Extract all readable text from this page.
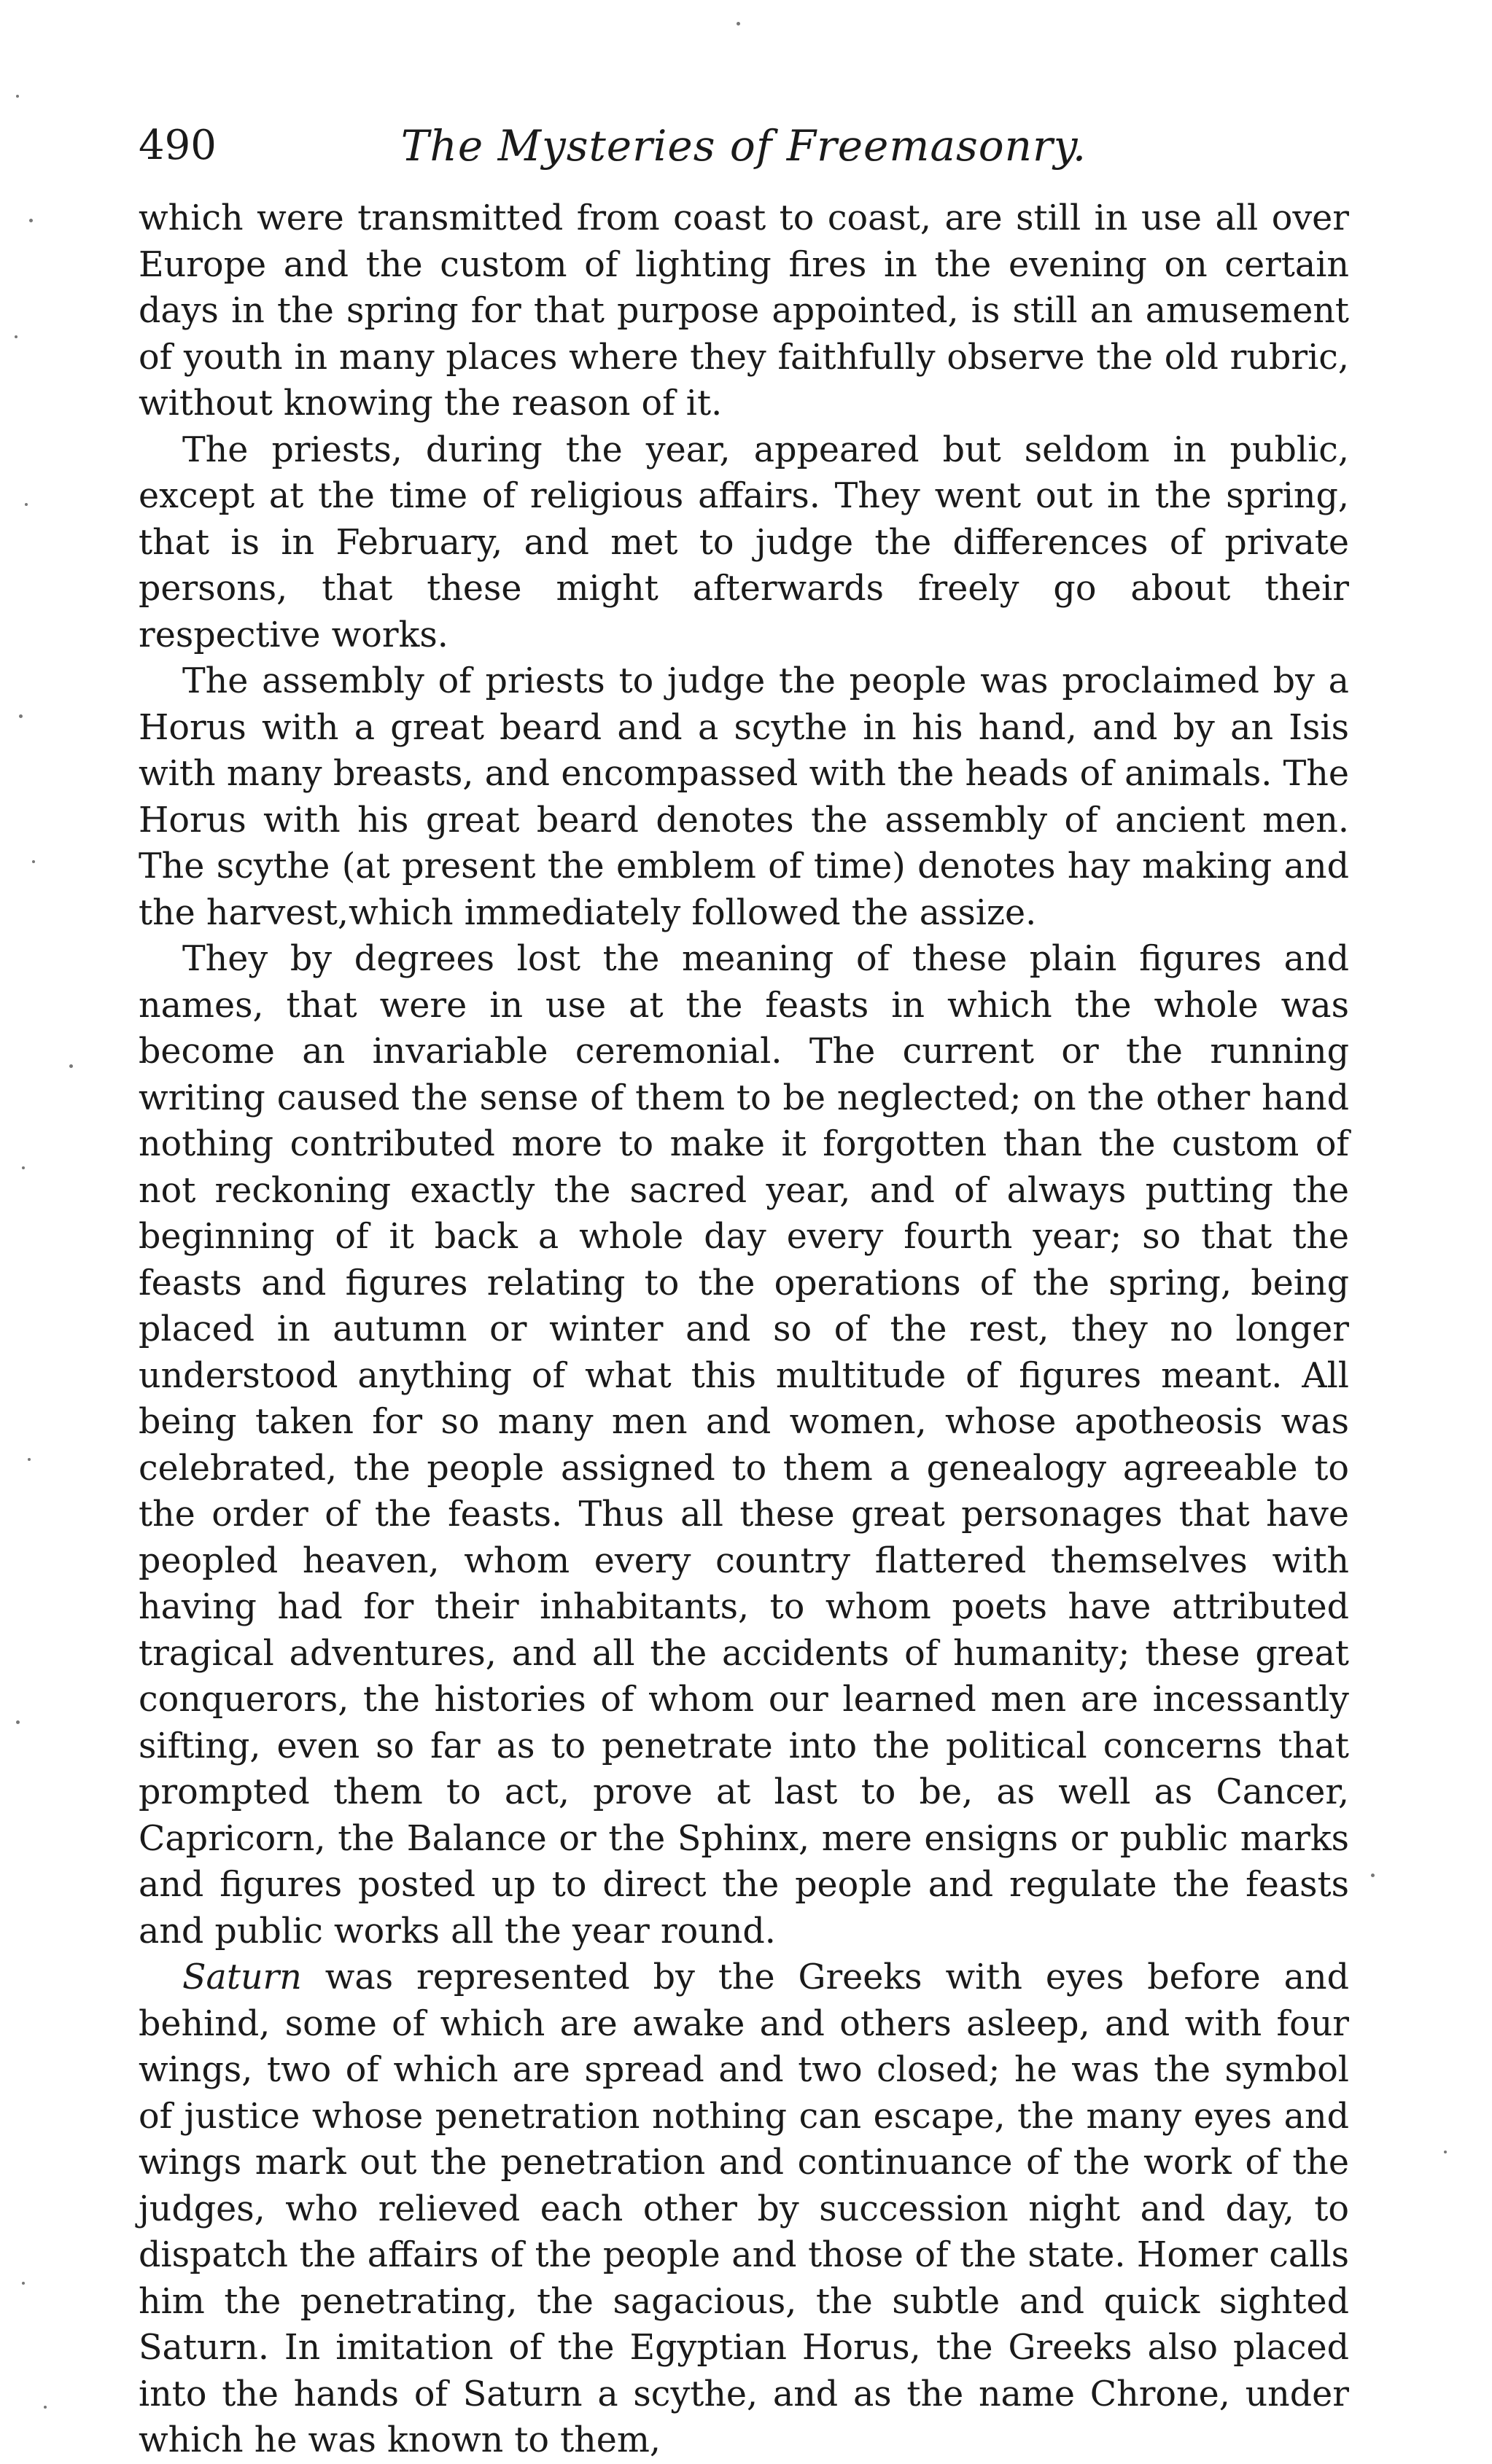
490	The Mysteries of Freemasonry.

which were transmitted from coast to coast, are still in use all over Europe and the custom of lighting fires in the evening on certain days in the spring for that purpose appointed, is still an amusement of youth in many places where they faithfully observe the old rubric, without knowing the reason of it.

The priests, during the year, appeared but seldom in public, except at the time of religious affairs. They went out in the spring, that is in February, and met to judge the differences of private persons, that these might afterwards freely go about their respective works.

The assembly of priests to judge the people was proclaimed by a Horus with a great beard and a scythe in his hand, and by an Isis with many breasts, and encompassed with the heads of animals. The Horus with his great beard denotes the assembly of ancient men. The scythe (at present the emblem of time) denotes hay making and the harvest,which immediately followed the assize.

They by degrees lost the meaning of these plain figures and names, that were in use at the feasts in which the whole was become an invariable ceremonial. The current or the running writing caused the sense of them to be neglected; on the other hand nothing contributed more to make it forgotten than the custom of not reckoning exactly the sacred year, and of always putting the beginning of it back a whole day every fourth year; so that the feasts and figures relating to the operations of the spring, being placed in autumn or winter and so of the rest, they no longer understood anything of what this multitude of figures meant. All being taken for so many men and women, whose apotheosis was celebrated, the people assigned to them a genealogy agreeable to the order of the feasts. Thus all these great personages that have peopled heaven, whom every country flattered themselves with having had for their inhabitants, to whom poets have attributed tragical adventures, and all the accidents of humanity; these great conquerors, the histories of whom our learned men are incessantly sifting, even so far as to penetrate into the political concerns that prompted them to act, prove at last to be, as well as Cancer, Capricorn, the Balance or the Sphinx, mere ensigns or public marks and figures posted up to direct the people and regulate the feasts and public works all the year round.

Saturn was represented by the Greeks with eyes before and behind, some of which are awake and others asleep, and with four wings, two of which are spread and two closed; he was the symbol of justice whose penetration nothing can escape, the many eyes and wings mark out the penetration and continuance of the work of the judges, who relieved each other by succession night and day, to dispatch the affairs of the people and those of the state. Homer calls him the penetrating, the sagacious, the subtle and quick sighted Saturn. In imitation of the Egyptian Horus, the Greeks also placed into the hands of Saturn a scythe, and as the name Chrone, under which he was known to them,
